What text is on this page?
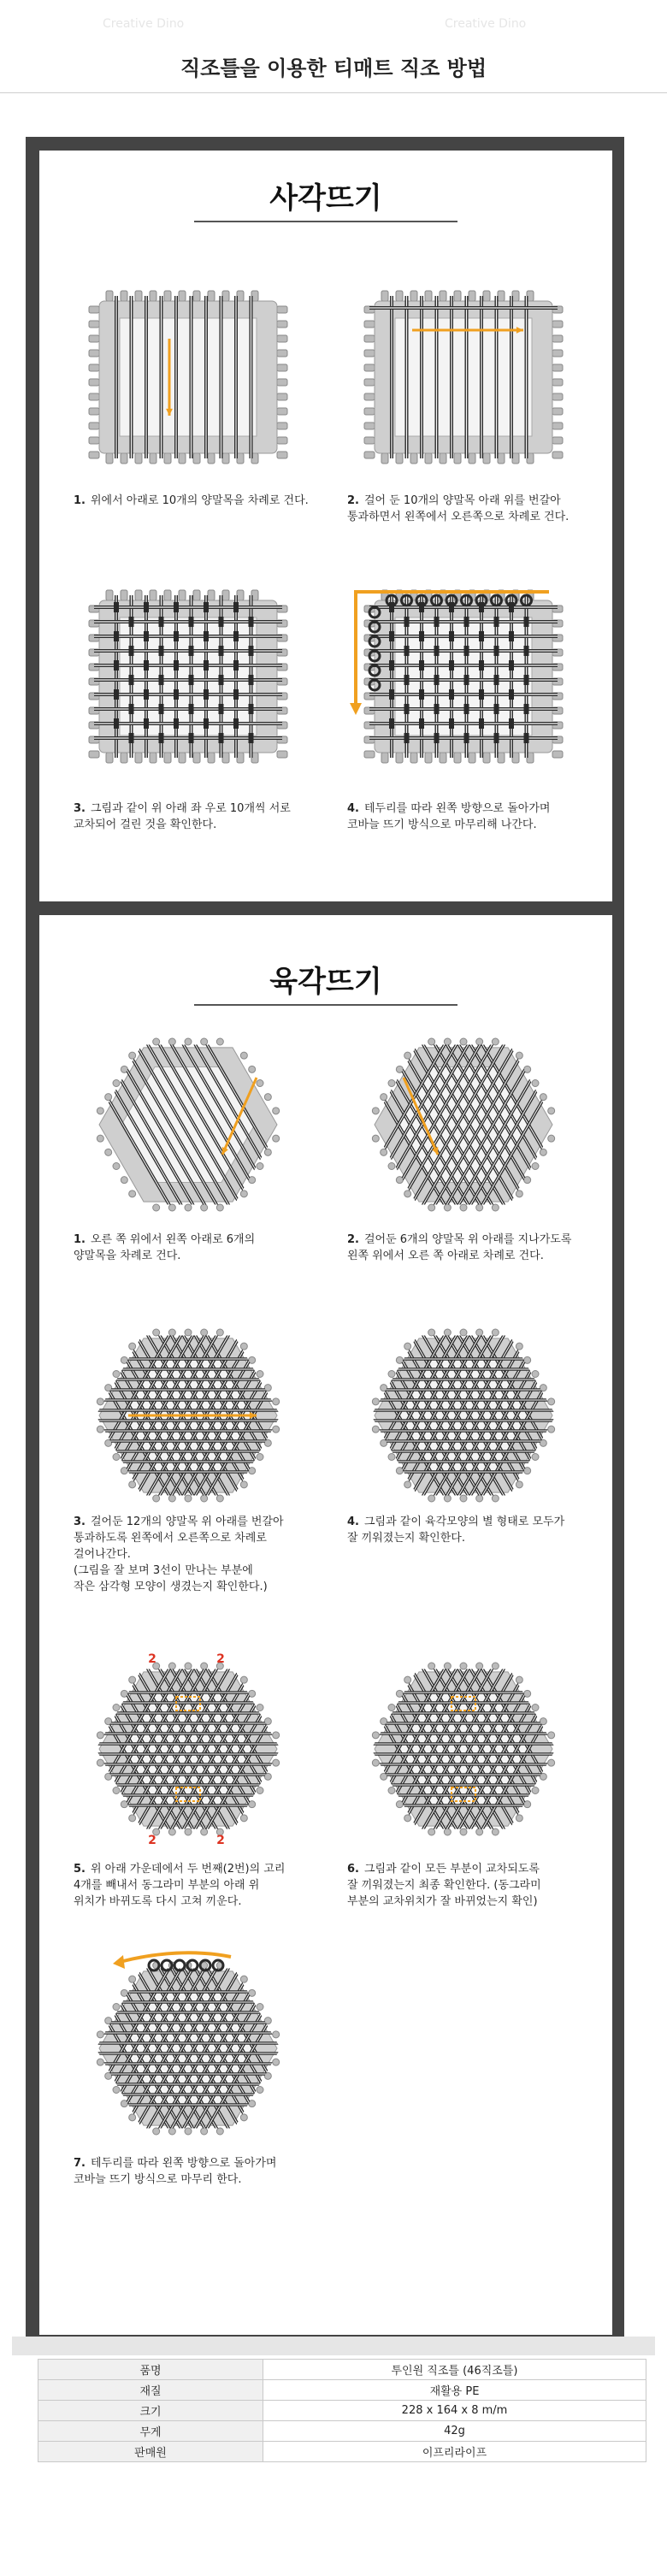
직조틀을 이용한 티매트 직조 방법
Creative Dino	Creative Dino
사각뜨기
1. 위에서 아래로 10개의 양말목을 차례로 건다.	2. 걸어 둔 10개의 양말목 아래 위를 번갈아
통과하면서 왼쪽에서 오른쪽으로 차례로 건다.
3. 그림과 같이 위 아래 좌 우로 10개씩 서로
교차되어 걸린 것을 확인한다.
4. 테두리를 따라 왼쪽 방향으로 돌아가며
코바늘 뜨기 방식으로 마무리해 나간다.
육각뜨기
1. 오른 쪽 위에서 왼쪽 아래로 6개의
양말목을 차례로 건다.
2. 걸어둔 6개의 양말목 위 아래를 지나가도록
왼쪽 위에서 오른 쪽 아래로 차례로 건다.
3. 걸어둔 12개의 양말목 위 아래를 번갈아
통과하도록 왼쪽에서 오른쪽으로 차례로
걸어나간다.
(그림을 잘 보며 3선이 만나는 부분에
작은 삼각형 모양이 생겼는지 확인한다.)
4. 그림과 같이 육각모양의 별 형태로 모두가
잘 끼워졌는지 확인한다.
2	2
2	2
5. 위 아래 가운데에서 두 번째(2번)의 고리
4개를 빼내서 동그라미 부분의 아래 위
위치가 바뀌도록 다시 고쳐 끼운다.
6. 그림과 같이 모든 부분이 교차되도록
잘 끼워졌는지 최종 확인한다. (동그라미
부분의 교차위치가 잘 바뀌었는지 확인)
7. 테두리를 따라 왼쪽 방향으로 돌아가며
코바늘 뜨기 방식으로 마무리 한다.
품명	투인원 직조틀 (46직조틀)
재질	재활용 PE
크기	228 x 164 x 8 m/m
무게	42g
판매원	이프리라이프
